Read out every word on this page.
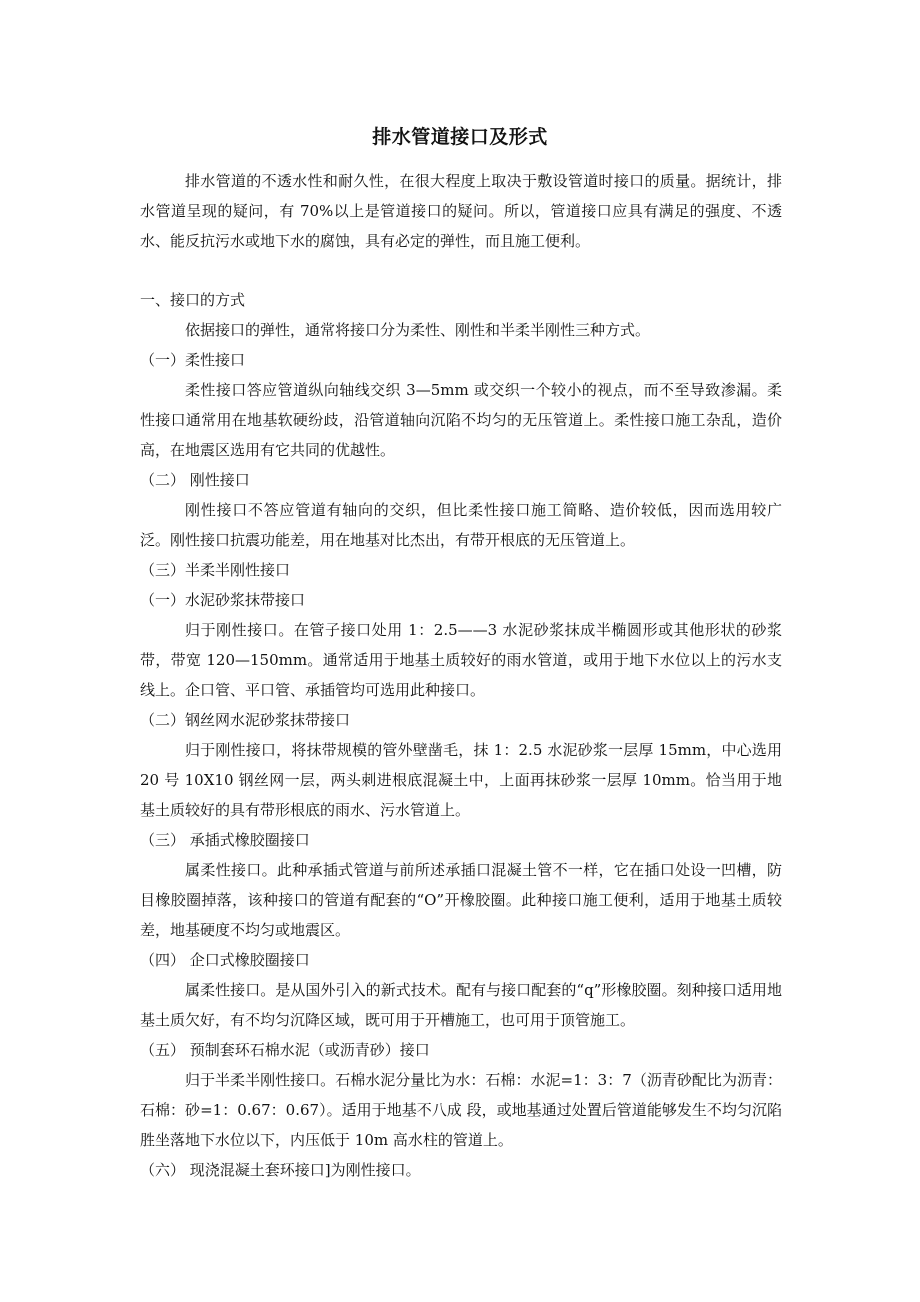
排水管道接口及形式

排水管道的不透水性和耐久性，在很大程度上取决于敷设管道时接口的质量。据统计，排水管道呈现的疑问，有 70%以上是管道接口的疑问。所以，管道接口应具有满足的强度、不透水、能反抗污水或地下水的腐蚀，具有必定的弹性，而且施工便利。

一、接口的方式

依据接口的弹性，通常将接口分为柔性、刚性和半柔半刚性三种方式。

（一）柔性接口

柔性接口答应管道纵向轴线交织 3—5mm 或交织一个较小的视点，而不至导致渗漏。柔性接口通常用在地基软硬纷歧，沿管道轴向沉陷不均匀的无压管道上。柔性接口施工杂乱，造价高，在地震区选用有它共同的优越性。

（二） 刚性接口

刚性接口不答应管道有轴向的交织，但比柔性接口施工简略、造价较低，因而选用较广泛。刚性接口抗震功能差，用在地基对比杰出，有带开根底的无压管道上。

（三）半柔半刚性接口

（一）水泥砂浆抹带接口

归于刚性接口。在管子接口处用 1：2.5——3 水泥砂浆抹成半椭圆形或其他形状的砂浆带，带宽 120—150mm。通常适用于地基土质较好的雨水管道，或用于地下水位以上的污水支线上。企口管、平口管、承插管均可选用此种接口。

（二）钢丝网水泥砂浆抹带接口

归于刚性接口，将抹带规模的管外壁凿毛，抹 1：2.5 水泥砂浆一层厚 15mm，中心选用 20 号 10X10 钢丝网一层，两头刺进根底混凝土中，上面再抹砂浆一层厚 10mm。恰当用于地基土质较好的具有带形根底的雨水、污水管道上。

（三） 承插式橡胶圈接口

属柔性接口。此种承插式管道与前所述承插口混凝土管不一样，它在插口处设一凹槽，防目橡胶圈掉落，该种接口的管道有配套的“O”开橡胶圈。此种接口施工便利，适用于地基土质较差，地基硬度不均匀或地震区。

（四） 企口式橡胶圈接口

属柔性接口。是从国外引入的新式技术。配有与接口配套的“q”形橡胶圈。刻种接口适用地基土质欠好，有不均匀沉降区域，既可用于开槽施工，也可用于顶管施工。

（五） 预制套环石棉水泥（或沥青砂）接口

归于半柔半刚性接口。石棉水泥分量比为水：石棉：水泥=1：3：7（沥青砂配比为沥青：石棉：砂=1：0.67：0.67）。适用于地基不八成 段，或地基通过处置后管道能够发生不均匀沉陷胜坐落地下水位以下，内压低于 10m 高水柱的管道上。

（六） 现浇混凝土套环接口]为刚性接口。
